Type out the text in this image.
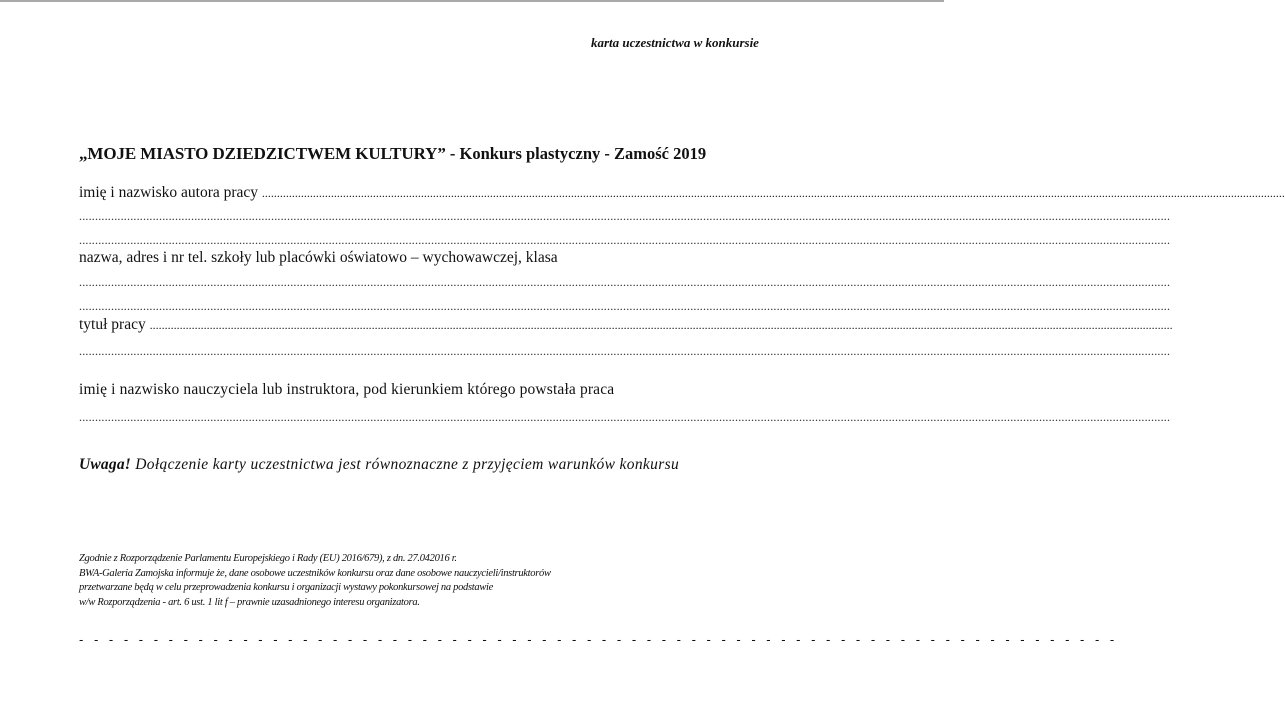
karta uczestnictwa w konkursie
„MOJE MIASTO DZIEDZICTWEM KULTURY” - Konkurs plastyczny - Zamość 2019
imię i nazwisko autora pracy .....................................................................................................................................................................................................................................................................................................................................................
.....................................................................................................................................................................................................................................................................................................................................................
.....................................................................................................................................................................................................................................................................................................................................................
nazwa, adres i nr tel. szkoły lub placówki oświatowo – wychowawczej, klasa
.....................................................................................................................................................................................................................................................................................................................................................
.....................................................................................................................................................................................................................................................................................................................................................
tytuł pracy .....................................................................................................................................................................................................................................................................................................................................................
.....................................................................................................................................................................................................................................................................................................................................................
imię i nazwisko nauczyciela lub instruktora, pod kierunkiem którego powstała praca
.....................................................................................................................................................................................................................................................................................................................................................
Uwaga! Dołączenie karty uczestnictwa jest równoznaczne z przyjęciem warunków konkursu
Zgodnie z Rozporządzenie Parlamentu Europejskiego i Rady (EU) 2016/679), z dn. 27.042016 r.
BWA-Galeria Zamojska informuje że, dane osobowe uczestników konkursu oraz dane osobowe nauczycieli/instruktorów
przetwarzane będą w celu przeprowadzenia konkursu i organizacji wystawy pokonkursowej na podstawie
w/w Rozporządzenia - art. 6 ust. 1 lit f – prawnie uzasadnionego interesu organizatora.
- - - - - - - - - - - - - - - - - - - - - - - - - - - - - - - - - - - - - - - - - - - - - - - - - - - - - - - - - - - - - - - - - - - - - -
